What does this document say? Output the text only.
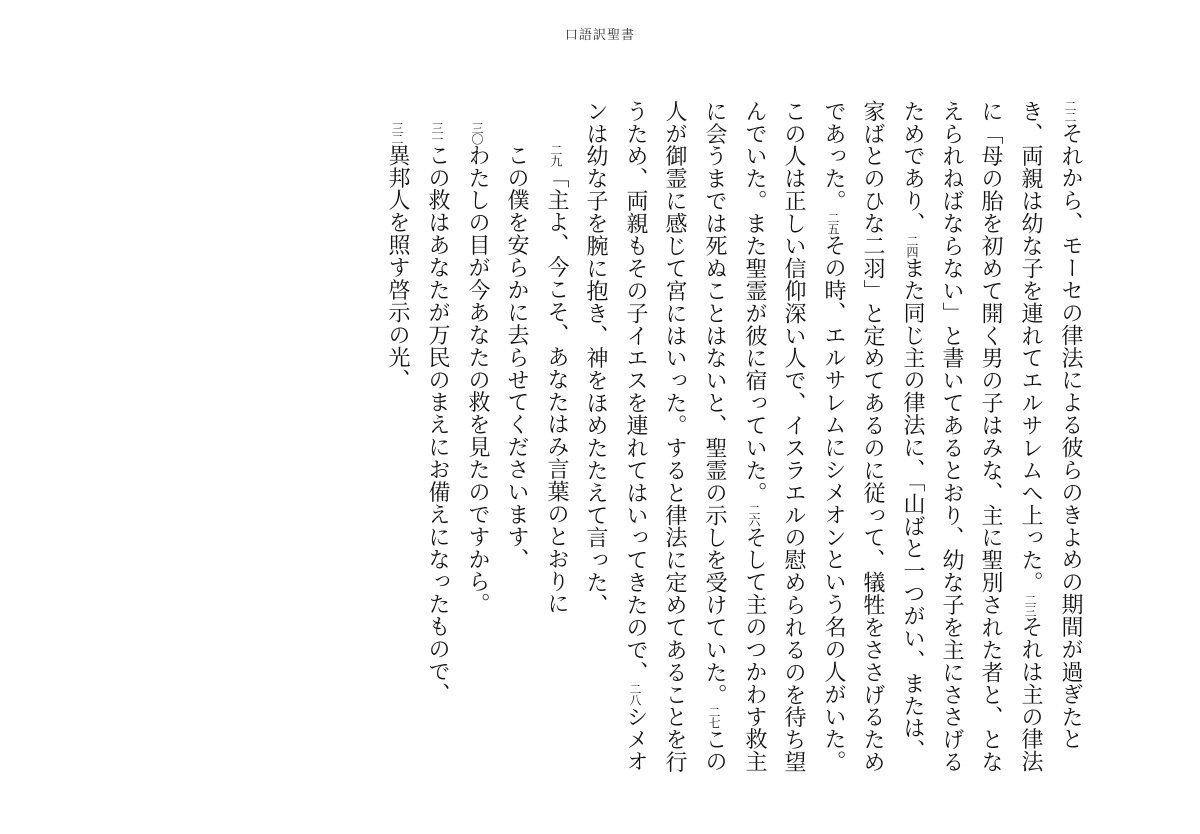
口語訳聖書

二二それから、モーセの律法による彼らのきよめの期間が過ぎたとき、両親は幼な子を連れてエルサレムへ上った。二三それは主の律法に「母の胎を初めて開く男の子はみな、主に聖別された者と、となえられねばならない」と書いてあるとおり、幼な子を主にささげるためであり、二四また同じ主の律法に、「山ばと一つがい、または、家ばとのひな二羽」と定めてあるのに従って、犠牲をささげるためであった。二五その時、エルサレムにシメオンという名の人がいた。この人は正しい信仰深い人で、イスラエルの慰められるのを待ち望んでいた。また聖霊が彼に宿っていた。二六そして主のつかわす救主に会うまでは死ぬことはないと、聖霊の示しを受けていた。二七この人が御霊に感じて宮にはいった。すると律法に定めてあることを行うため、両親もその子イエスを連れてはいってきたので、二八シメオンは幼な子を腕に抱き、神をほめたたえて言った、

二九「主よ、今こそ、あなたはみ言葉のとおりに

この僕を安らかに去らせてくださいます、

三〇わたしの目が今あなたの救を見たのですから。

三一この救はあなたが万民のまえにお備えになったもので、

三二異邦人を照す啓示の光、
